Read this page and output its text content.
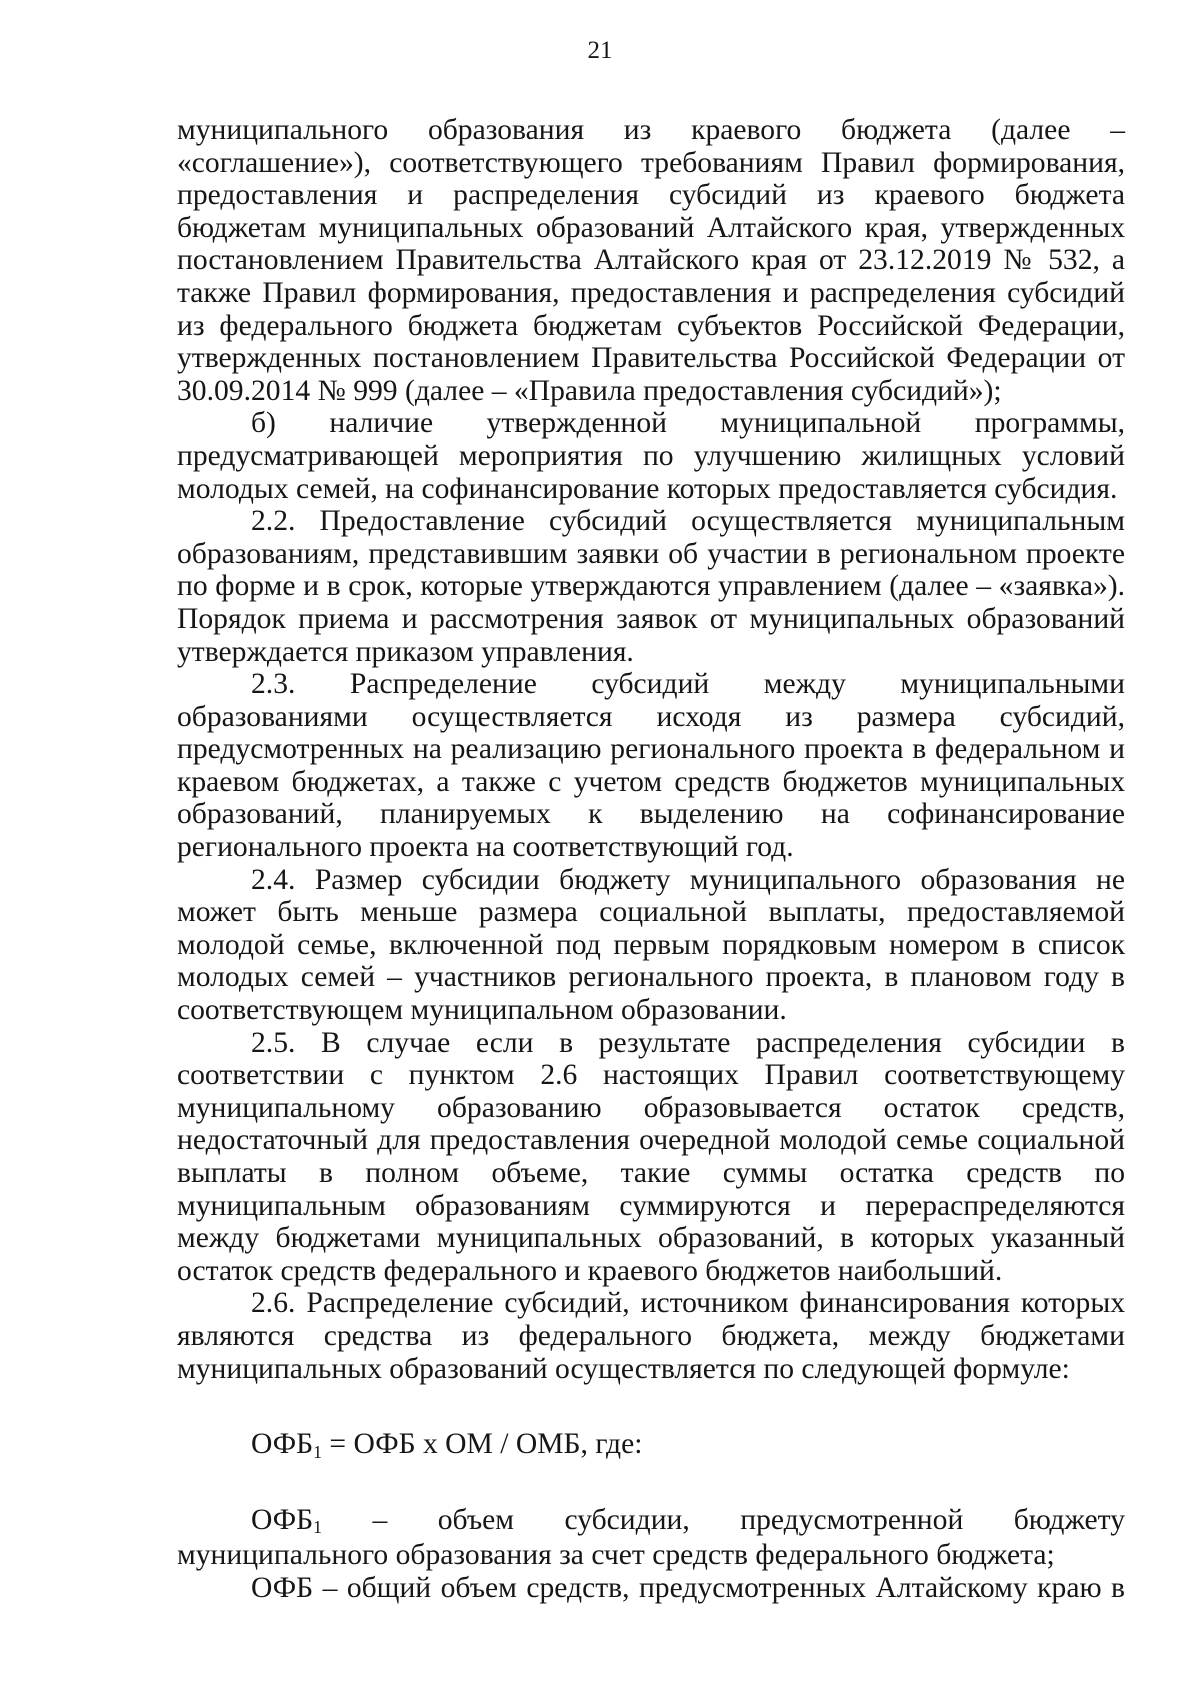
21

муниципального образования из краевого бюджета (далее – «соглашение»), соответствующего требованиям Правил формирования, предоставления и распределения субсидий из краевого бюджета бюджетам муниципальных образований Алтайского края, утвержденных постановлением Правительства Алтайского края от 23.12.2019 № 532, а также Правил формирования, предоставления и распределения субсидий из федерального бюджета бюджетам субъектов Российской Федерации, утвержденных постановлением Правительства Российской Федерации от 30.09.2014 № 999 (далее – «Правила предоставления субсидий»);

б) наличие утвержденной муниципальной программы, предусматривающей мероприятия по улучшению жилищных условий молодых семей, на софинансирование которых предоставляется субсидия.

2.2. Предоставление субсидий осуществляется муниципальным образованиям, представившим заявки об участии в региональном проекте по форме и в срок, которые утверждаются управлением (далее – «заявка»). Порядок приема и рассмотрения заявок от муниципальных образований утверждается приказом управления.

2.3. Распределение субсидий между муниципальными образованиями осуществляется исходя из размера субсидий, предусмотренных на реализацию регионального проекта в федеральном и краевом бюджетах, а также с учетом средств бюджетов муниципальных образований, планируемых к выделению на софинансирование регионального проекта на соответствующий год.

2.4. Размер субсидии бюджету муниципального образования не может быть меньше размера социальной выплаты, предоставляемой молодой семье, включенной под первым порядковым номером в список молодых семей – участников регионального проекта, в плановом году в соответствующем муниципальном образовании.

2.5. В случае если в результате распределения субсидии в соответствии с пунктом 2.6 настоящих Правил соответствующему муниципальному образованию образовывается остаток средств, недостаточный для предоставления очередной молодой семье социальной выплаты в полном объеме, такие суммы остатка средств по муниципальным образованиям суммируются и перераспределяются между бюджетами муниципальных образований, в которых указанный остаток средств федерального и краевого бюджетов наибольший.

2.6. Распределение субсидий, источником финансирования которых являются средства из федерального бюджета, между бюджетами муниципальных образований осуществляется по следующей формуле:

$ОФБ_1$ = ОФБ х ОМ / ОМБ, где:

$ОФБ_1$ – объем субсидии, предусмотренной бюджету муниципального образования за счет средств федерального бюджета;

ОФБ – общий объем средств, предусмотренных Алтайскому краю в
